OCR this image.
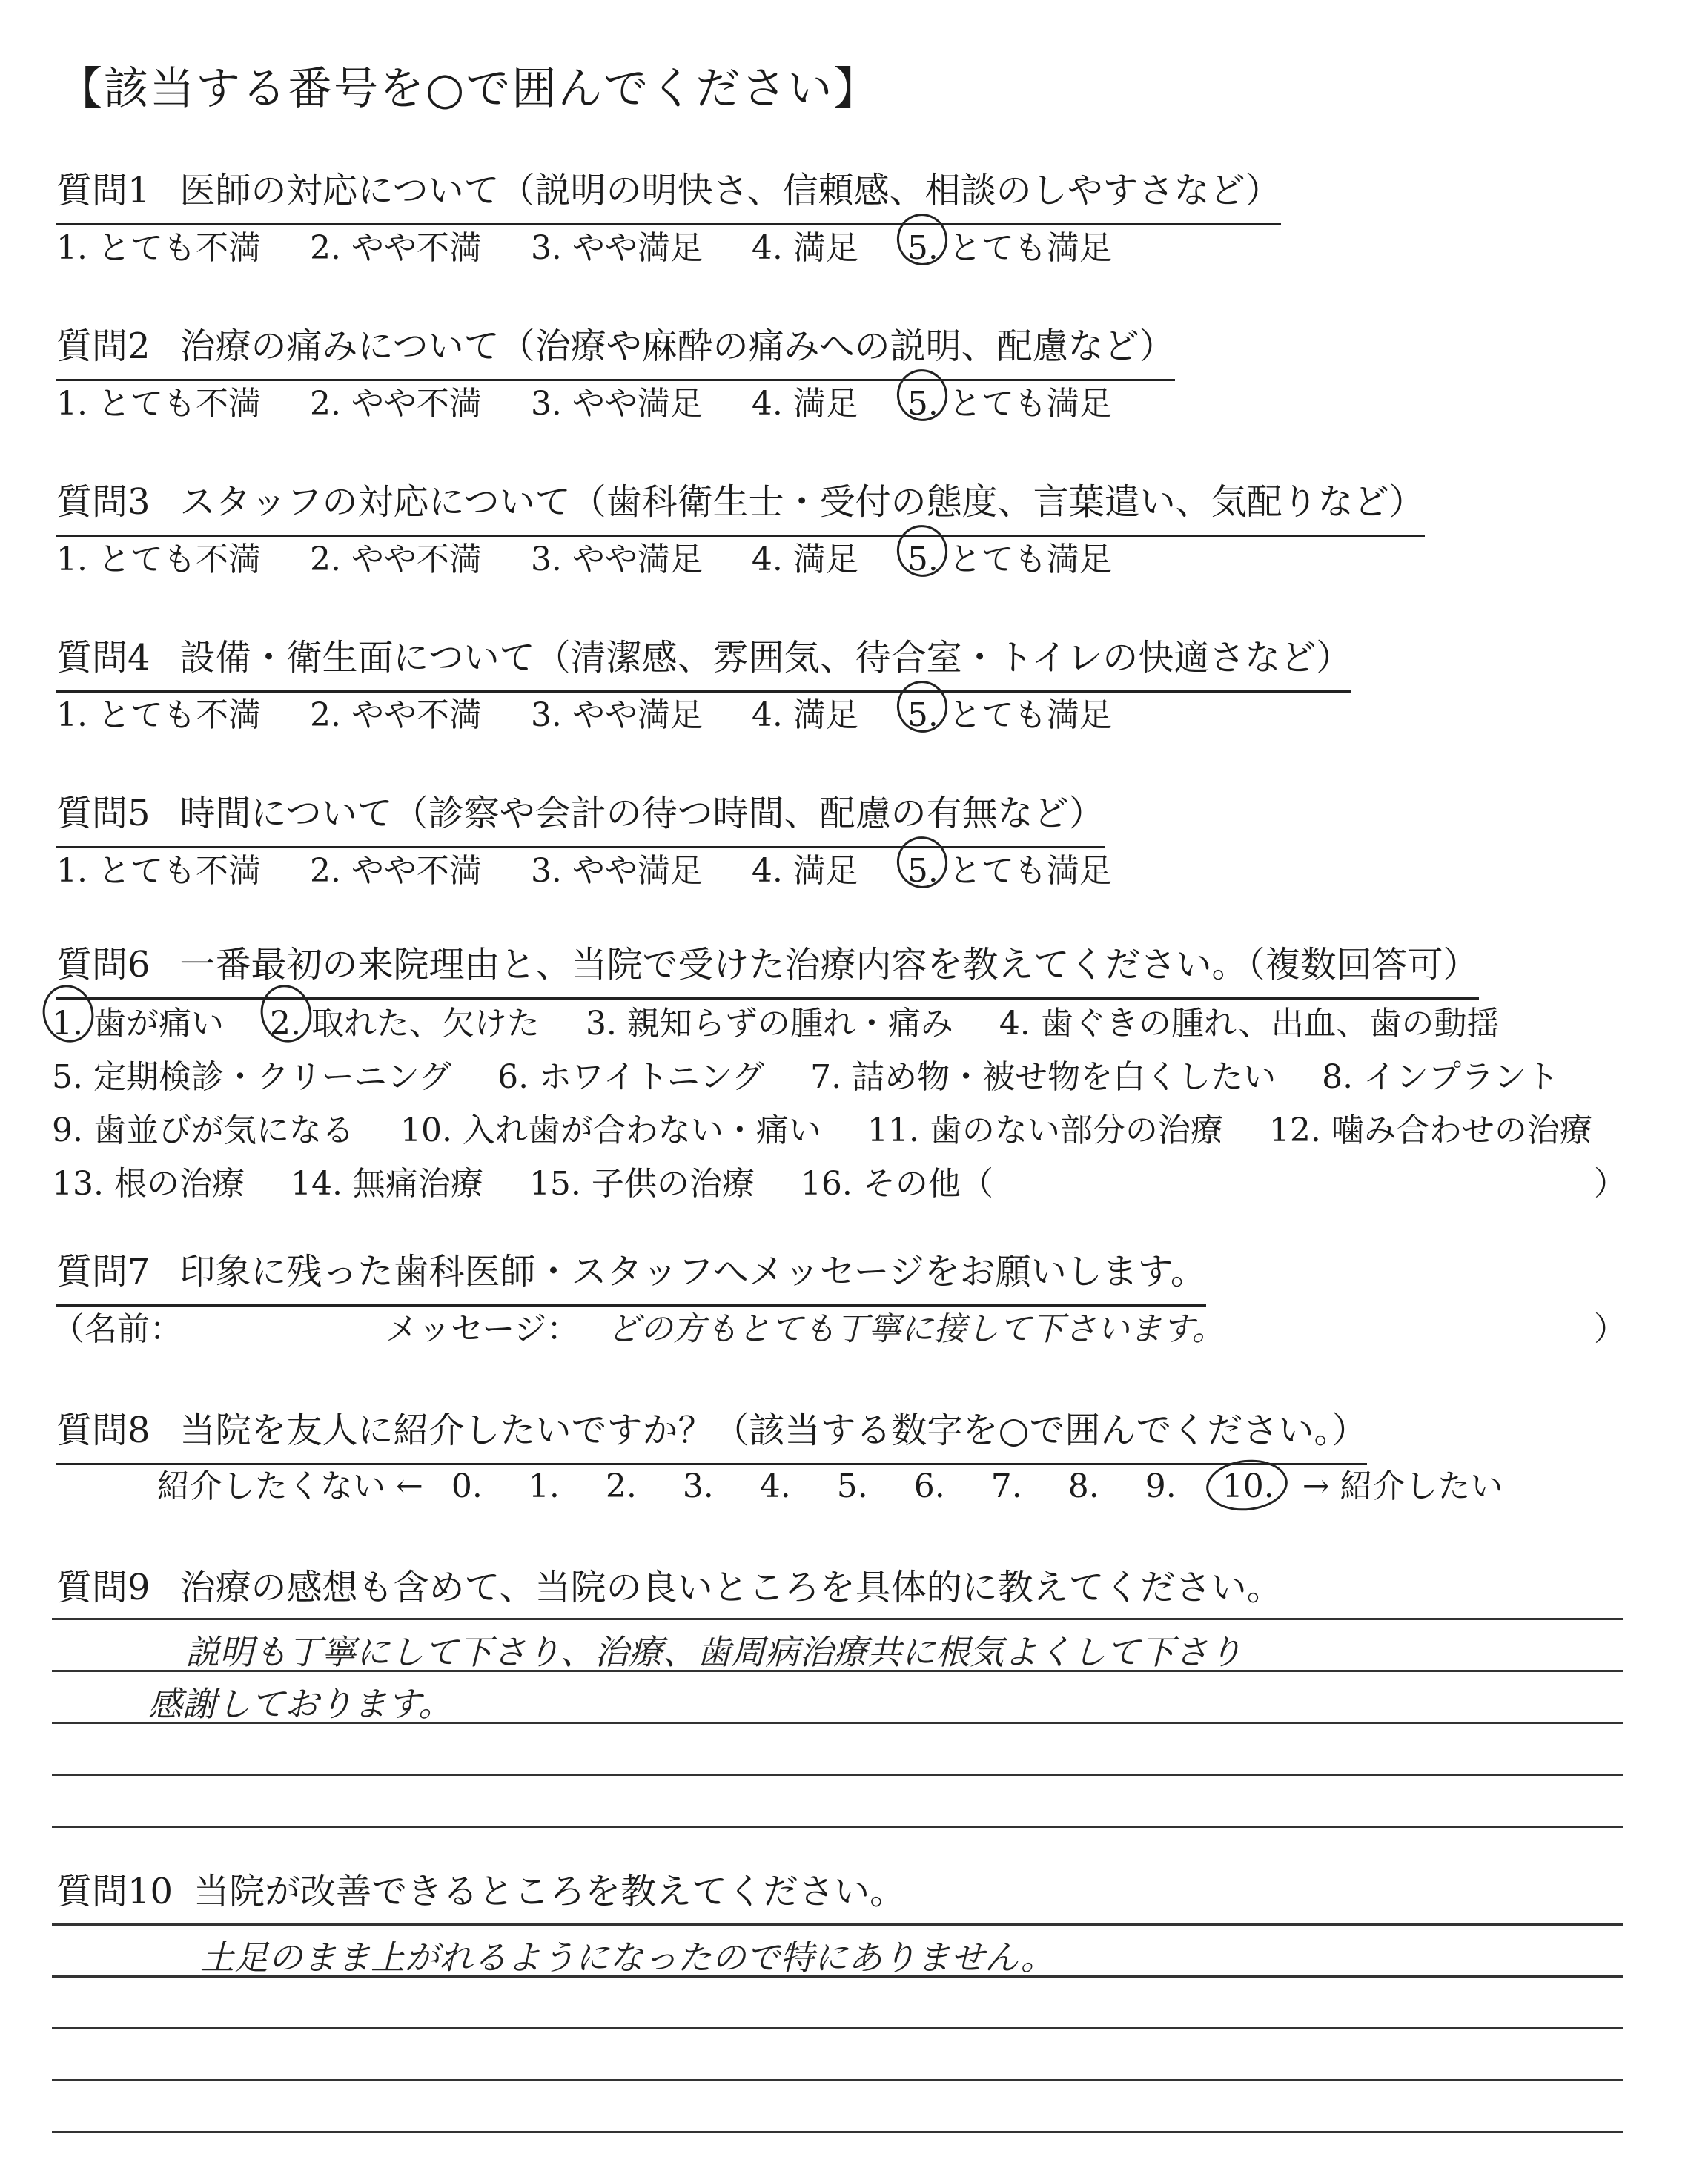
【該当する番号を○で囲んでください】
質問1 医師の対応について（説明の明快さ、信頼感、相談のしやすさなど）
1. とても不満 2. やや不満 3. やや満足 4. 満足 5. とても満足
質問2 治療の痛みについて（治療や麻酔の痛みへの説明、配慮など）
1. とても不満 2. やや不満 3. やや満足 4. 満足 5. とても満足
質問3 スタッフの対応について（歯科衛生士・受付の態度、言葉遣い、気配りなど）
1. とても不満 2. やや不満 3. やや満足 4. 満足 5. とても満足
質問4 設備・衛生面について（清潔感、雰囲気、待合室・トイレの快適さなど）
1. とても不満 2. やや不満 3. やや満足 4. 満足 5. とても満足
質問5 時間について（診察や会計の待つ時間、配慮の有無など）
1. とても不満 2. やや不満 3. やや満足 4. 満足 5. とても満足
質問6 一番最初の来院理由と、当院で受けた治療内容を教えてください。（複数回答可）
1. 歯が痛い 2. 取れた、欠けた 3. 親知らずの腫れ・痛み 4. 歯ぐきの腫れ、出血、歯の動揺
5. 定期検診・クリーニング 6. ホワイトニング 7. 詰め物・被せ物を白くしたい 8. インプラント
9. 歯並びが気になる 10. 入れ歯が合わない・痛い 11. 歯のない部分の治療 12. 噛み合わせの治療
13. 根の治療 14. 無痛治療 15. 子供の治療 16. その他（	）
質問7 印象に残った歯科医師・スタッフへメッセージをお願いします。
（名前：	メッセージ： どの方もとても丁寧に接して下さいます。	）
質問8 当院を友人に紹介したいですか？（該当する数字を○で囲んでください。）
紹介したくない ← 0. 1. 2. 3. 4. 5. 6. 7. 8. 9. 10. → 紹介したい
質問9 治療の感想も含めて、当院の良いところを具体的に教えてください。
説明も丁寧にして下さり、治療、歯周病治療共に根気よくして下さり
感謝しております。
質問10 当院が改善できるところを教えてください。
土足のまま上がれるようになったので特にありません。
